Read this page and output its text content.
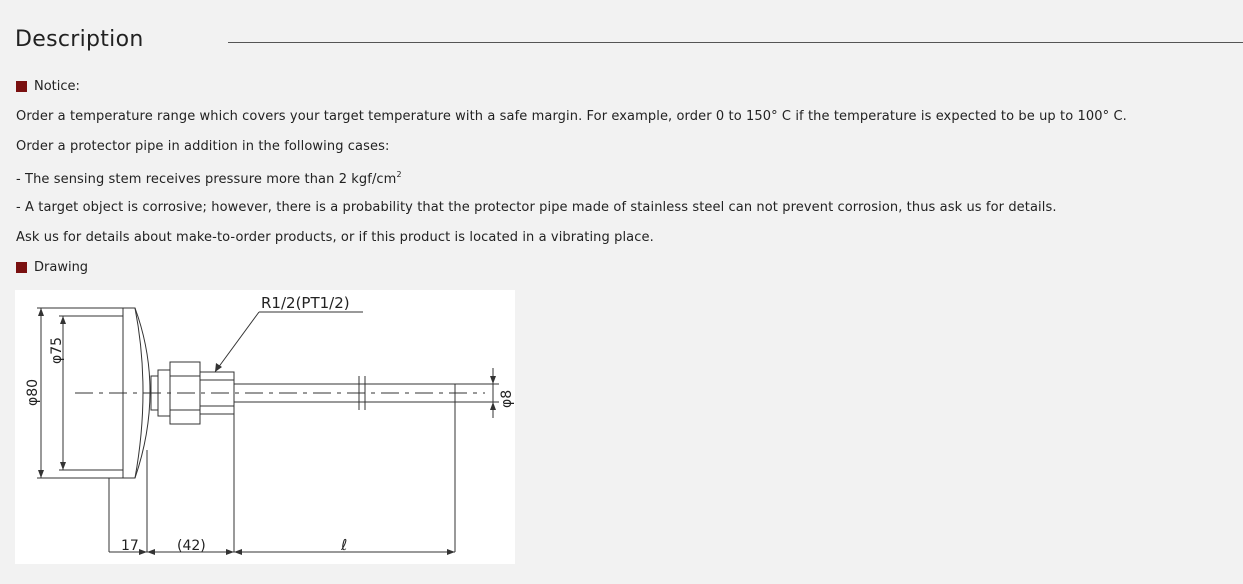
Description
Notice:
Order a temperature range which covers your target temperature with a safe margin. For example, order 0 to 150° C if the temperature is expected to be up to 100° C.
Order a protector pipe in addition in the following cases:
- The sensing stem receives pressure more than 2 kgf/$cm^2$
- A target object is corrosive; however, there is a probability that the protector pipe made of stainless steel can not prevent corrosion, thus ask us for details.
Ask us for details about make-to-order products, or if this product is located in a vibrating place.
Drawing
R1/2(PT1/2)
φ80
φ75
φ8
17	(42)	ℓ
